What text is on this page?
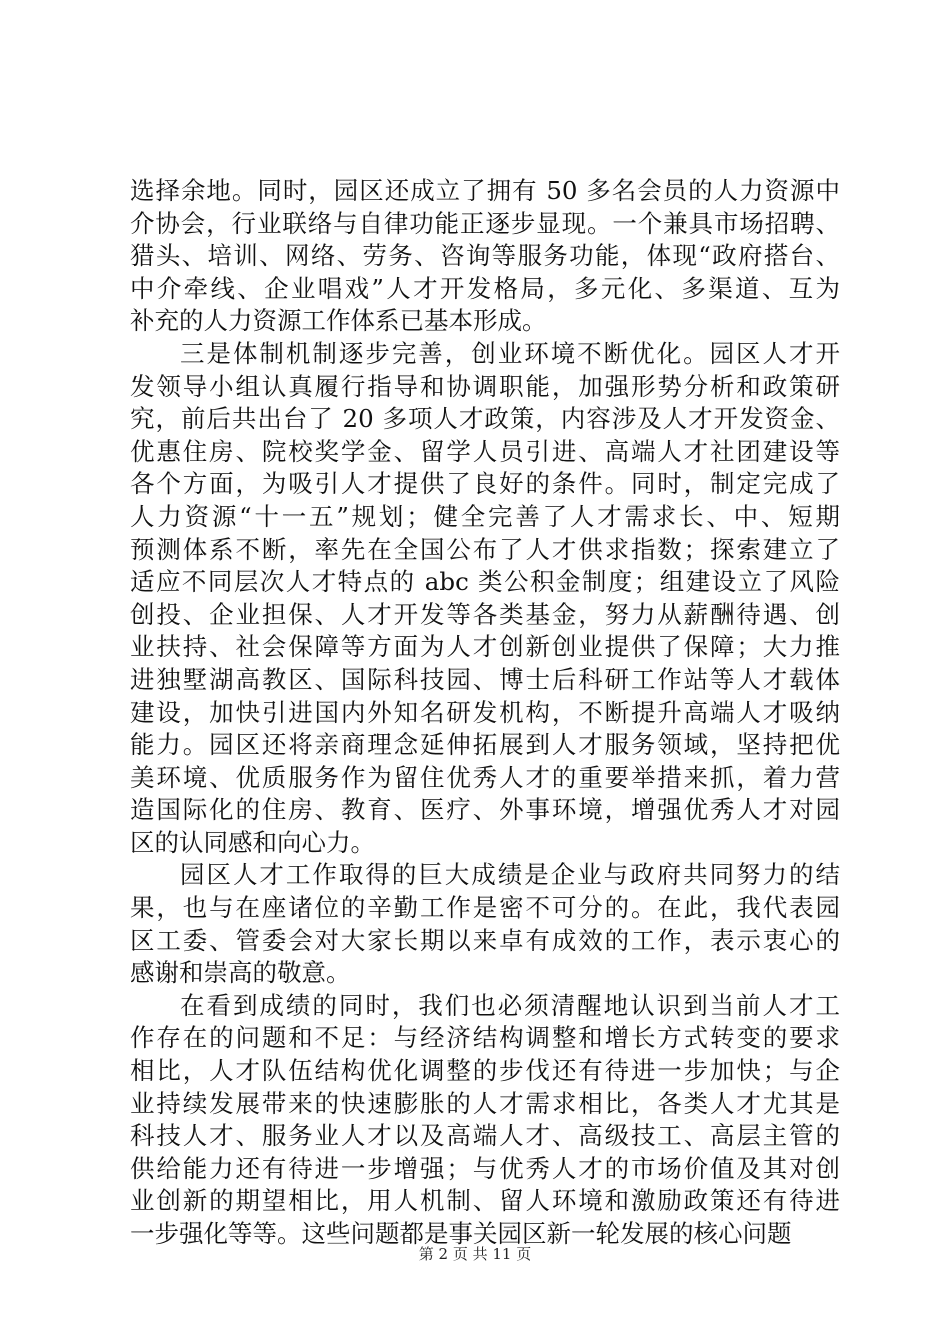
选择余地。同时，园区还成立了拥有 50 多名会员的人力资源中
介协会，行业联络与自律功能正逐步显现。一个兼具市场招聘、
猎头、培训、网络、劳务、咨询等服务功能，体现“政府搭台、
中介牵线、企业唱戏”人才开发格局，多元化、多渠道、互为
补充的人力资源工作体系已基本形成。
三是体制机制逐步完善，创业环境不断优化。园区人才开
发领导小组认真履行指导和协调职能，加强形势分析和政策研
究，前后共出台了 20 多项人才政策，内容涉及人才开发资金、
优惠住房、院校奖学金、留学人员引进、高端人才社团建设等
各个方面，为吸引人才提供了良好的条件。同时，制定完成了
人力资源“十一五”规划；健全完善了人才需求长、中、短期
预测体系不断，率先在全国公布了人才供求指数；探索建立了
适应不同层次人才特点的 abc 类公积金制度；组建设立了风险
创投、企业担保、人才开发等各类基金，努力从薪酬待遇、创
业扶持、社会保障等方面为人才创新创业提供了保障；大力推
进独墅湖高教区、国际科技园、博士后科研工作站等人才载体
建设，加快引进国内外知名研发机构，不断提升高端人才吸纳
能力。园区还将亲商理念延伸拓展到人才服务领域，坚持把优
美环境、优质服务作为留住优秀人才的重要举措来抓，着力营
造国际化的住房、教育、医疗、外事环境，增强优秀人才对园
区的认同感和向心力。
园区人才工作取得的巨大成绩是企业与政府共同努力的结
果，也与在座诸位的辛勤工作是密不可分的。在此，我代表园
区工委、管委会对大家长期以来卓有成效的工作，表示衷心的
感谢和崇高的敬意。
在看到成绩的同时，我们也必须清醒地认识到当前人才工
作存在的问题和不足：与经济结构调整和增长方式转变的要求
相比，人才队伍结构优化调整的步伐还有待进一步加快；与企
业持续发展带来的快速膨胀的人才需求相比，各类人才尤其是
科技人才、服务业人才以及高端人才、高级技工、高层主管的
供给能力还有待进一步增强；与优秀人才的市场价值及其对创
业创新的期望相比，用人机制、留人环境和激励政策还有待进
一步强化等等。这些问题都是事关园区新一轮发展的核心问题
第 2 页 共 11 页
